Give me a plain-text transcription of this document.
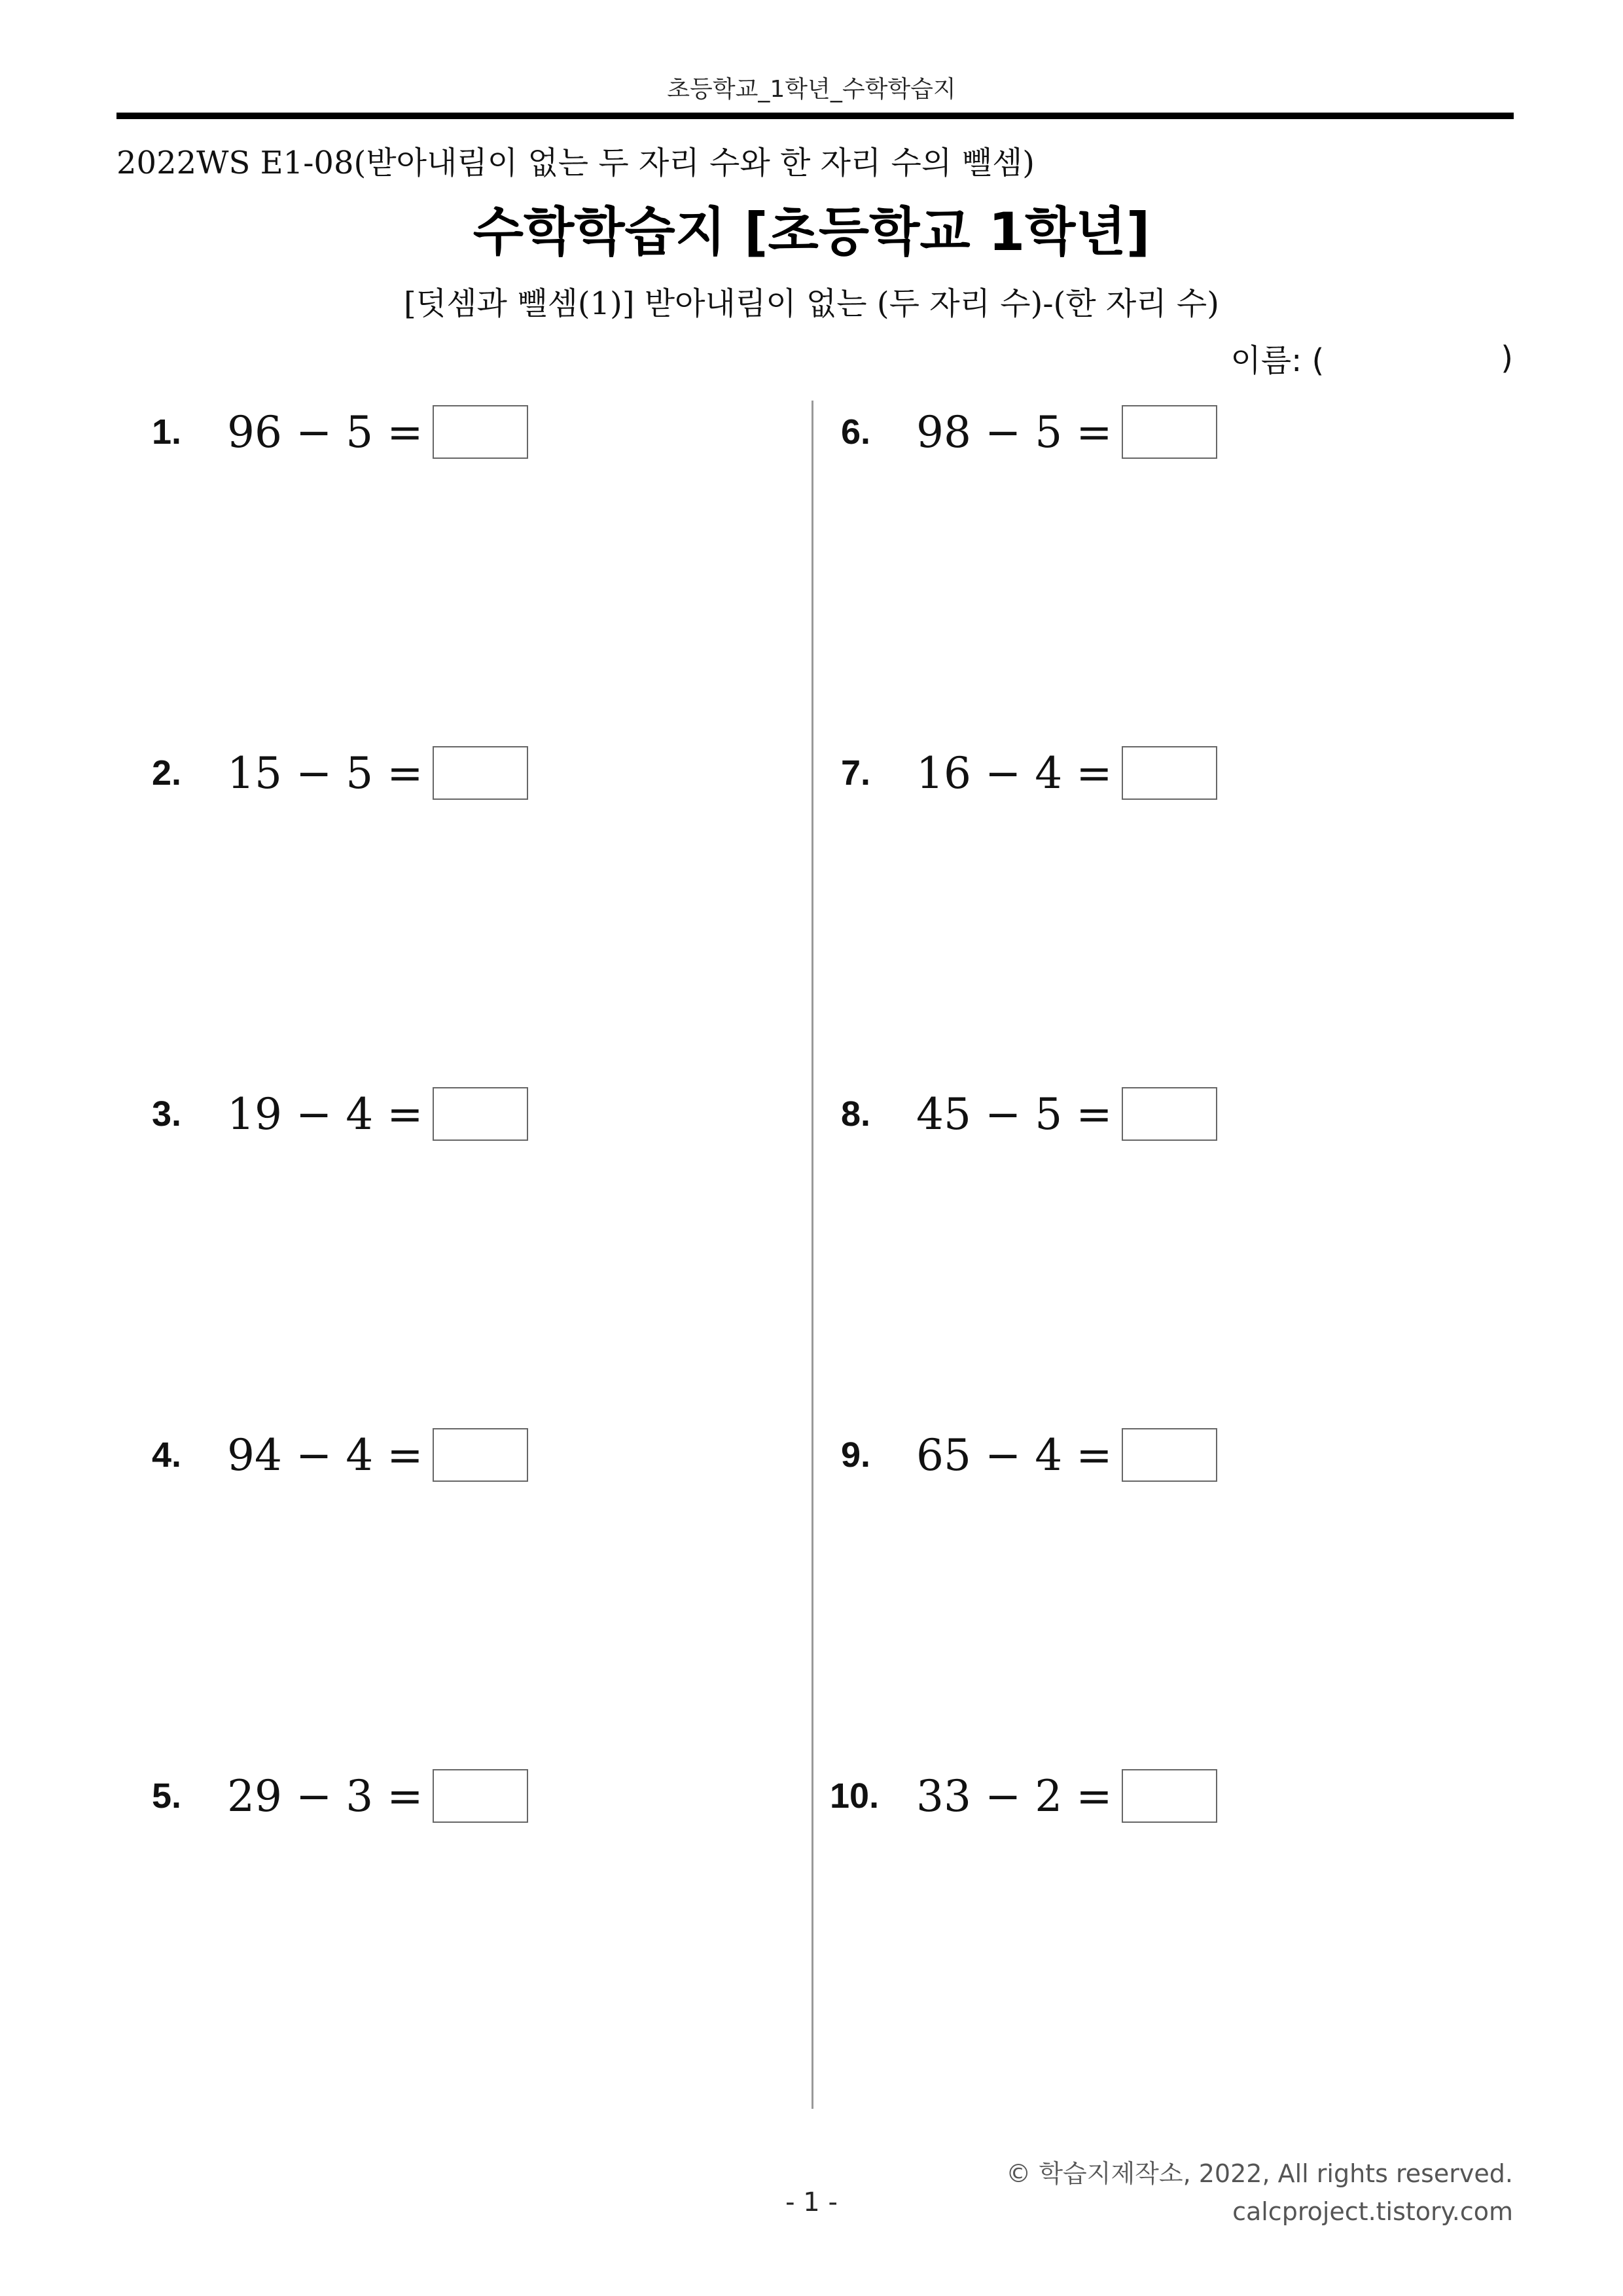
초등학교_1학년_수학학습지
2022WS E1-08(받아내림이 없는 두 자리 수와 한 자리 수의 뺄셈)
수학학습지 [초등학교 1학년]
[덧셈과 뺄셈(1)] 받아내림이 없는 (두 자리 수)-(한 자리 수)
이름: (	)
1.	96 − 5 =
2.	15 − 5 =
3.	19 − 4 =
4.	94 − 4 =
5.	29 − 3 =
6.	98 − 5 =
7.	16 − 4 =
8.	45 − 5 =
9.	65 − 4 =
10. 33 − 2 =
© 학습지제작소, 2022, All rights reserved.
calcproject.tistory.com
- 1 -
